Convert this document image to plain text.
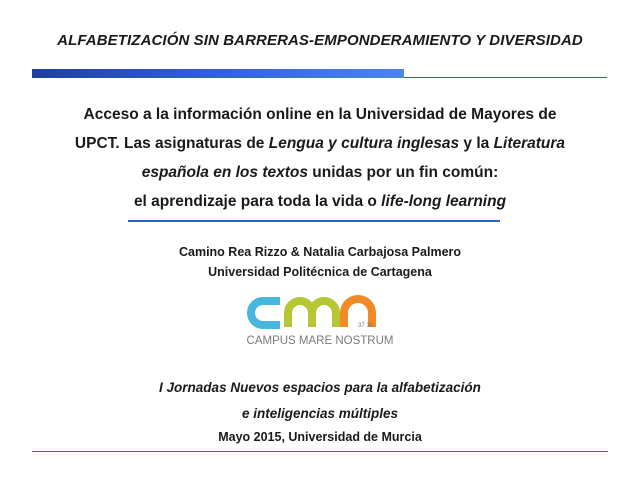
ALFABETIZACIÓN SIN BARRERAS-EMPONDERAMIENTO Y DIVERSIDAD
Acceso a la información online en la Universidad de Mayores de
UPCT. Las asignaturas de Lengua y cultura inglesas y la Literatura
española en los textos unidas por un fin común:
el aprendizaje para toda la vida o life-long learning
Camino Rea Rizzo & Natalia Carbajosa Palmero
Universidad Politécnica de Cartagena
37 38
CAMPUS MARE NOSTRUM
I Jornadas Nuevos espacios para la alfabetización
e inteligencias múltiples
Mayo 2015, Universidad de Murcia
